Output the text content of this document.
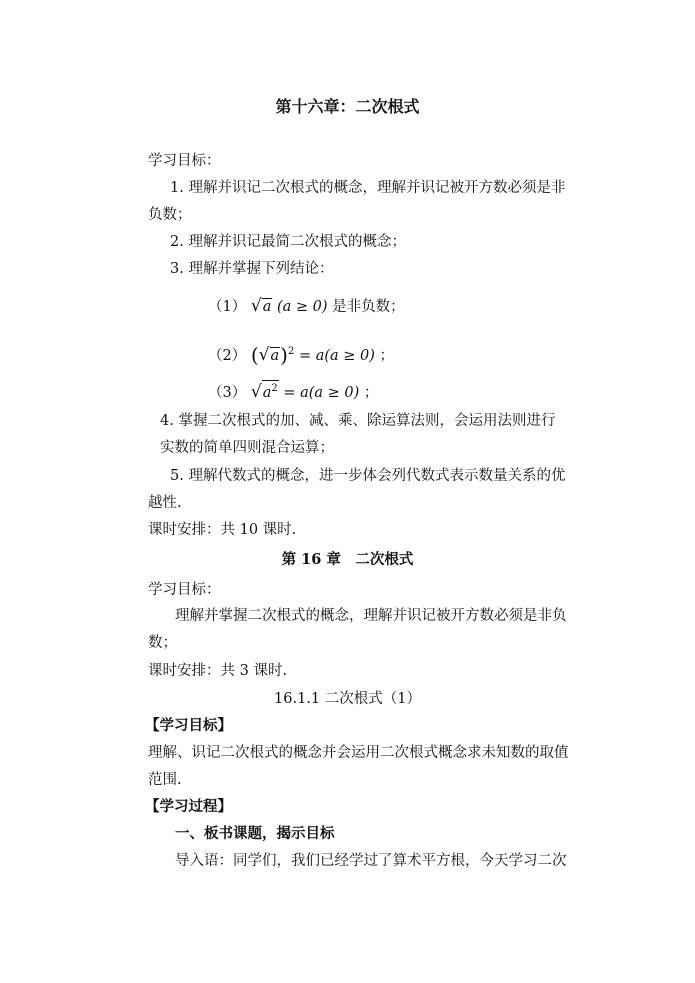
第十六章：二次根式
学习目标：
1. 理解并识记二次根式的概念，理解并识记被开方数必须是非
负数；
2. 理解并识记最简二次根式的概念；
3. 理解并掌握下列结论：
（1） √a (a ≥ 0) 是非负数；
（2） $(√a)^2 = a(a \ge 0)$ ；
（3） $√a^2 = a(a \ge 0)$ ；
4. 掌握二次根式的加、减、乘、除运算法则，会运用法则进行
实数的简单四则混合运算；
5. 理解代数式的概念，进一步体会列代数式表示数量关系的优
越性.
课时安排：共 10 课时.
第 16 章　二次根式
学习目标：
理解并掌握二次根式的概念，理解并识记被开方数必须是非负
数；
课时安排：共 3 课时.
16.1.1 二次根式（1）
【学习目标】
理解、识记二次根式的概念并会运用二次根式概念求未知数的取值
范围.
【学习过程】
一、板书课题，揭示目标
导入语：同学们，我们已经学过了算术平方根，今天学习二次
